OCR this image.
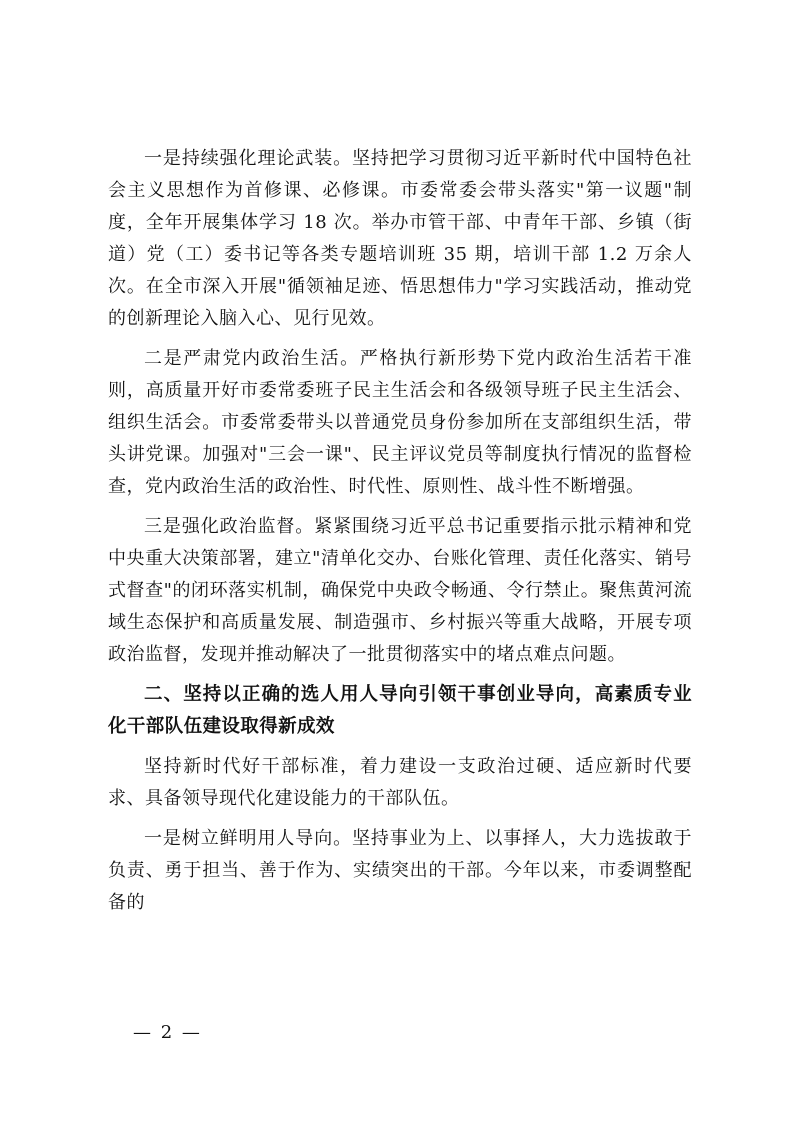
一是持续强化理论武装。坚持把学习贯彻习近平新时代中国特色社会主义思想作为首修课、必修课。市委常委会带头落实"第一议题"制度，全年开展集体学习 18 次。举办市管干部、中青年干部、乡镇（街道）党（工）委书记等各类专题培训班 35 期，培训干部 1.2 万余人次。在全市深入开展"循领袖足迹、悟思想伟力"学习实践活动，推动党的创新理论入脑入心、见行见效。

二是严肃党内政治生活。严格执行新形势下党内政治生活若干准则，高质量开好市委常委班子民主生活会和各级领导班子民主生活会、组织生活会。市委常委带头以普通党员身份参加所在支部组织生活，带头讲党课。加强对"三会一课"、民主评议党员等制度执行情况的监督检查，党内政治生活的政治性、时代性、原则性、战斗性不断增强。

三是强化政治监督。紧紧围绕习近平总书记重要指示批示精神和党中央重大决策部署，建立"清单化交办、台账化管理、责任化落实、销号式督查"的闭环落实机制，确保党中央政令畅通、令行禁止。聚焦黄河流域生态保护和高质量发展、制造强市、乡村振兴等重大战略，开展专项政治监督，发现并推动解决了一批贯彻落实中的堵点难点问题。

二、坚持以正确的选人用人导向引领干事创业导向，高素质专业化干部队伍建设取得新成效

坚持新时代好干部标准，着力建设一支政治过硬、适应新时代要求、具备领导现代化建设能力的干部队伍。

一是树立鲜明用人导向。坚持事业为上、以事择人，大力选拔敢于负责、勇于担当、善于作为、实绩突出的干部。今年以来，市委调整配备的

— 2 —
